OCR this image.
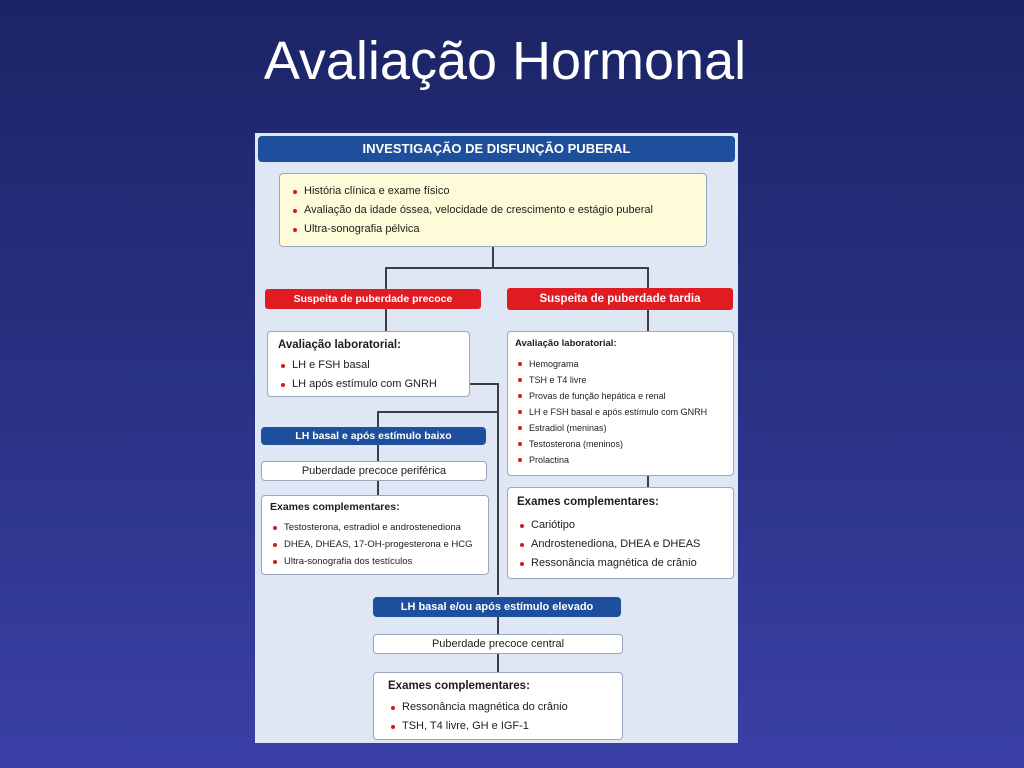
Avaliação Hormonal
INVESTIGAÇÃO DE DISFUNÇÃO PUBERAL
História clínica e exame físico
Avaliação da idade óssea, velocidade de crescimento e estágio puberal
Ultra-sonografia pélvica
Suspeita de puberdade precoce	Suspeita de puberdade tardia
Avaliação laboratorial:
LH e FSH basal
LH após estímulo com GNRH
LH basal e após estímulo baixo
Puberdade precoce periférica
Exames complementares:
Testosterona, estradiol e androstenediona
DHEA, DHEAS, 17-OH-progesterona e HCG
Ultra-sonografia dos testículos
Avaliação laboratorial:
Hemograma
TSH e T4 livre
Provas de função hepática e renal
LH e FSH basal e após estímulo com GNRH
Estradiol (meninas)
Testosterona (meninos)
Prolactina
Exames complementares:
Cariótipo
Androstenediona, DHEA e DHEAS
Ressonância magnética de crânio
LH basal e/ou após estímulo elevado
Puberdade precoce central
Exames complementares:
Ressonância magnética do crânio
TSH, T4 livre, GH e IGF-1
